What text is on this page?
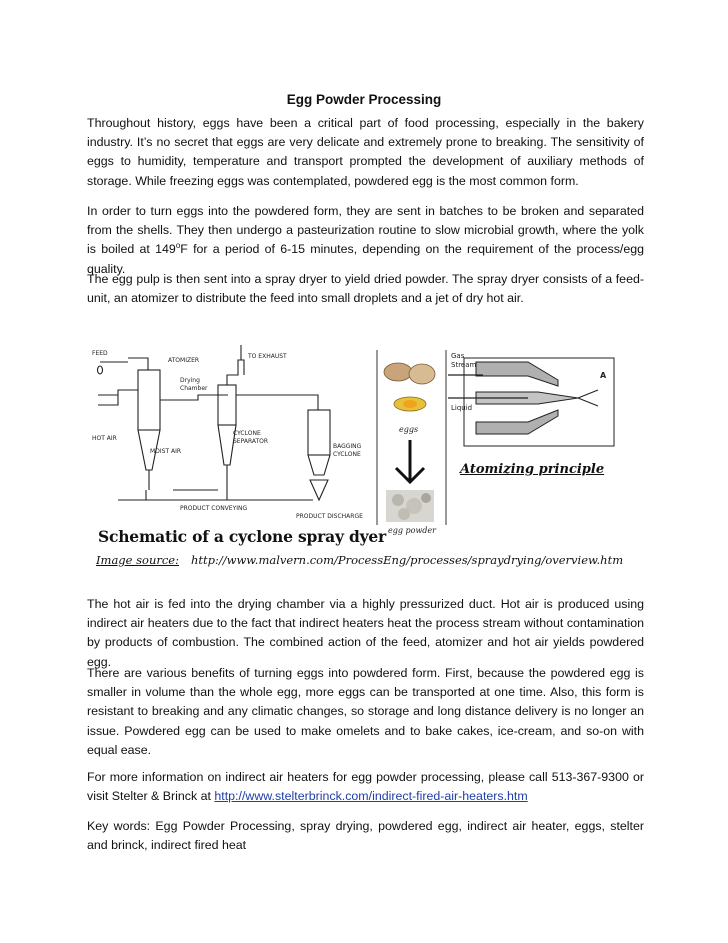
Egg Powder Processing

Throughout history, eggs have been a critical part of food processing, especially in the bakery industry. It’s no secret that eggs are very delicate and extremely prone to breaking. The sensitivity of eggs to humidity, temperature and transport prompted the development of auxiliary methods of storage. While freezing eggs was contemplated, powdered egg is the most common form.

In order to turn eggs into the powdered form, they are sent in batches to be broken and separated from the shells. They then undergo a pasteurization routine to slow microbial growth, where the yolk is boiled at 149$^o$F for a period of 6-15 minutes, depending on the requirement of the process/egg quality.

The egg pulp is then sent into a spray dryer to yield dried powder. The spray dryer consists of a feed-unit, an atomizer to distribute the feed into small droplets and a jet of dry hot air.

FEED
ATOMIZER
Drying
Chamber
TO EXHAUST
HOT AIR
MOIST AIR
CYCLONE
SEPARATOR
BAGGING
CYCLONE
PRODUCT CONVEYING
PRODUCT DISCHARGE
eggs
egg powder
Gas
Stream
Liquid
A
Atomizing principle
Schematic of a cyclone spray dyer
Image source: http://www.malvern.com/ProcessEng/processes/spraydrying/overview.htm

The hot air is fed into the drying chamber via a highly pressurized duct. Hot air is produced using indirect air heaters due to the fact that indirect heaters heat the process stream without contamination by products of combustion. The combined action of the feed, atomizer and hot air yields powdered egg.

There are various benefits of turning eggs into powdered form. First, because the powdered egg is smaller in volume than the whole egg, more eggs can be transported at one time. Also, this form is resistant to breaking and any climatic changes, so storage and long distance delivery is no longer an issue. Powdered egg can be used to make omelets and to bake cakes, ice-cream, and so-on with equal ease.

For more information on indirect air heaters for egg powder processing, please call 513-367-9300 or visit Stelter & Brinck at http://www.stelterbrinck.com/indirect-fired-air-heaters.htm

Key words: Egg Powder Processing, spray drying, powdered egg, indirect air heater, eggs, stelter and brinck, indirect fired heat
